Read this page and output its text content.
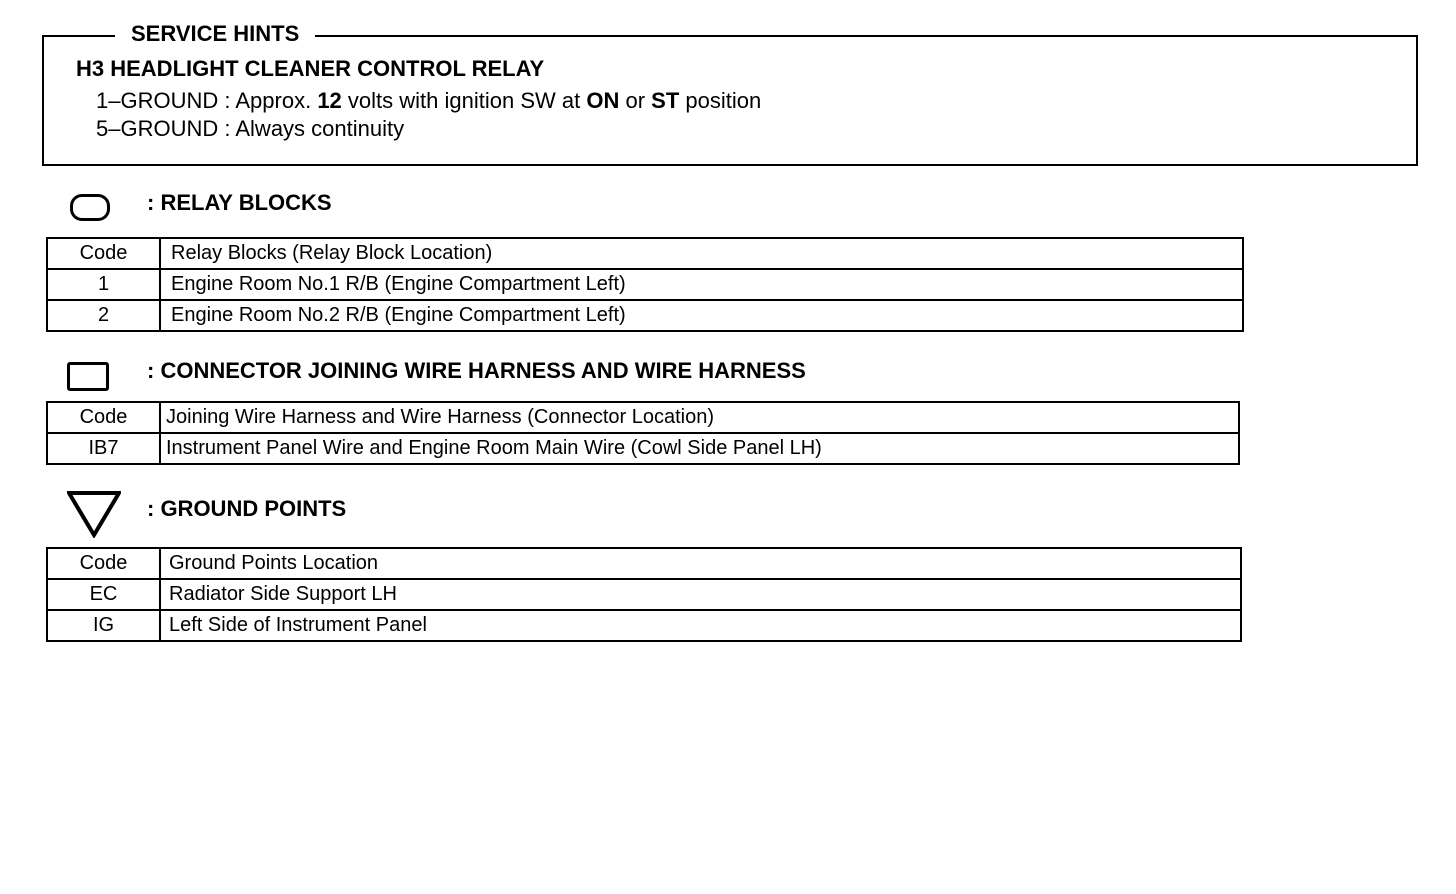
SERVICE HINTS
H3 HEADLIGHT CLEANER CONTROL RELAY
1–GROUND : Approx. 12 volts with ignition SW at ON or ST position
5–GROUND : Always continuity
: RELAY BLOCKS
Code	Relay Blocks (Relay Block Location)
1	Engine Room No.1 R/B (Engine Compartment Left)
2	Engine Room No.2 R/B (Engine Compartment Left)
: CONNECTOR JOINING WIRE HARNESS AND WIRE HARNESS
Code	Joining Wire Harness and Wire Harness (Connector Location)
IB7	Instrument Panel Wire and Engine Room Main Wire (Cowl Side Panel LH)
: GROUND POINTS
Code	Ground Points Location
EC	Radiator Side Support LH
IG	Left Side of Instrument Panel
